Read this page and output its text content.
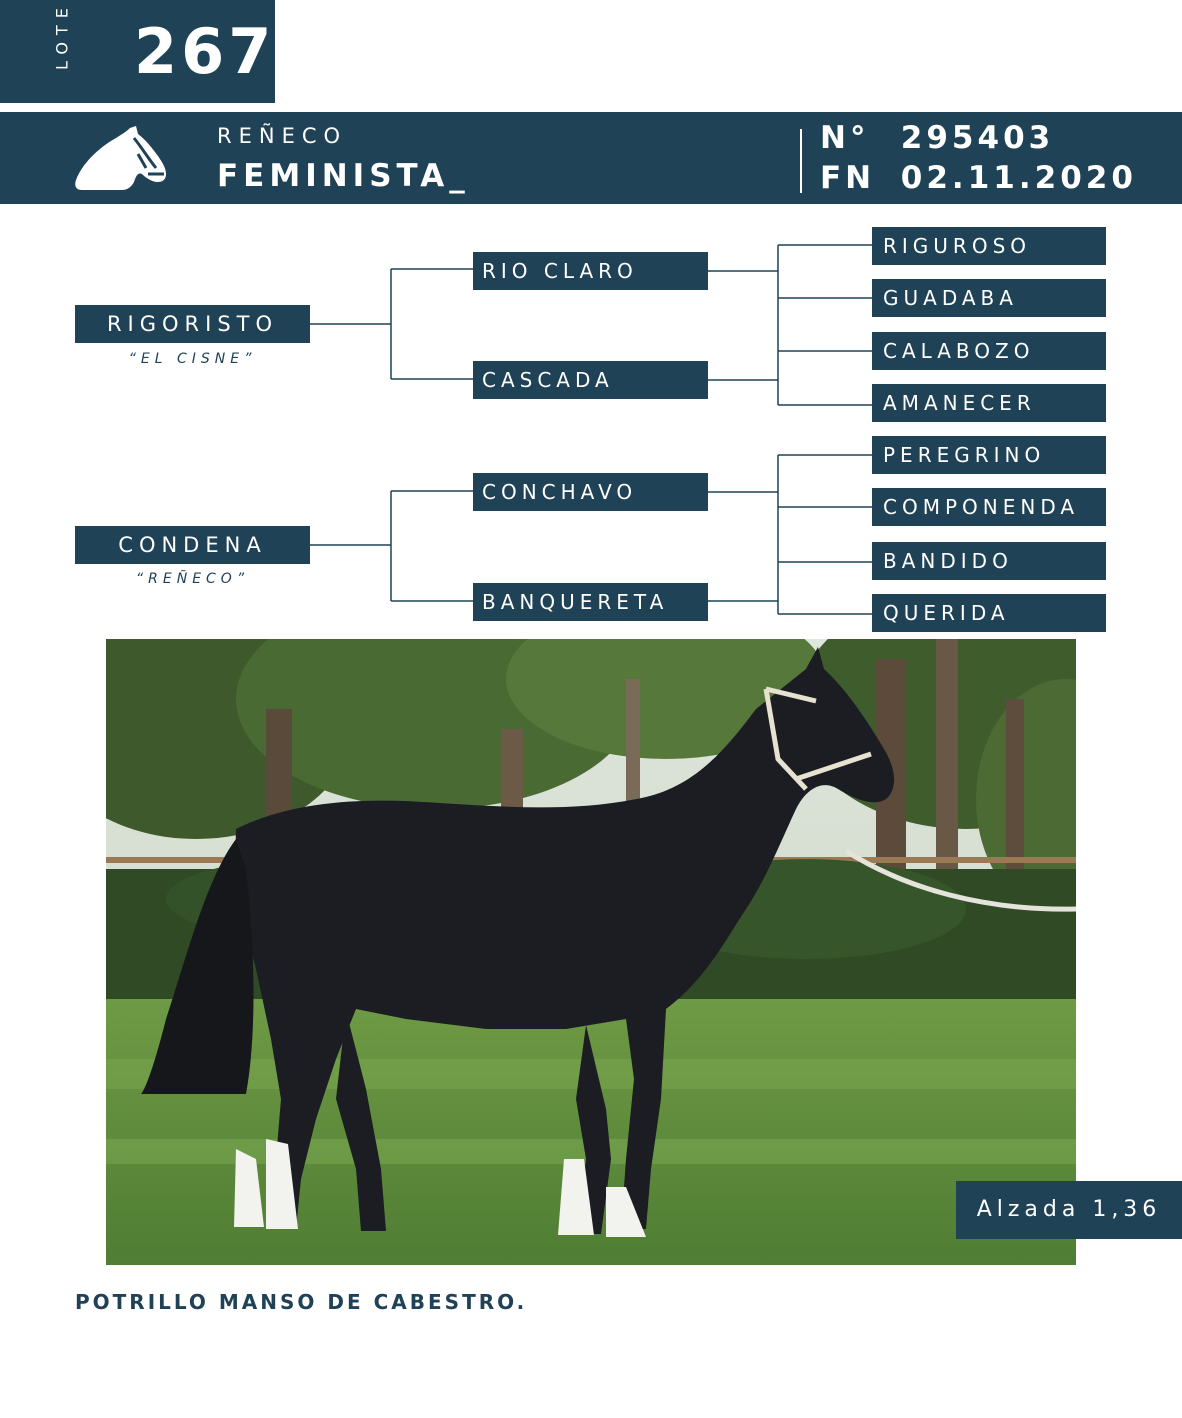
LOTE 267
REÑECO
FEMINISTA_
N° 295403
FN 02.11.2020
RIGORISTO
“EL CISNE”
CONDENA
“REÑECO”
RIO CLARO
CASCADA
CONCHAVO
BANQUERETA
RIGUROSO
GUADABA
CALABOZO
AMANECER
PEREGRINO
COMPONENDA
BANDIDO
QUERIDA
Alzada 1,36
POTRILLO MANSO DE CABESTRO.
